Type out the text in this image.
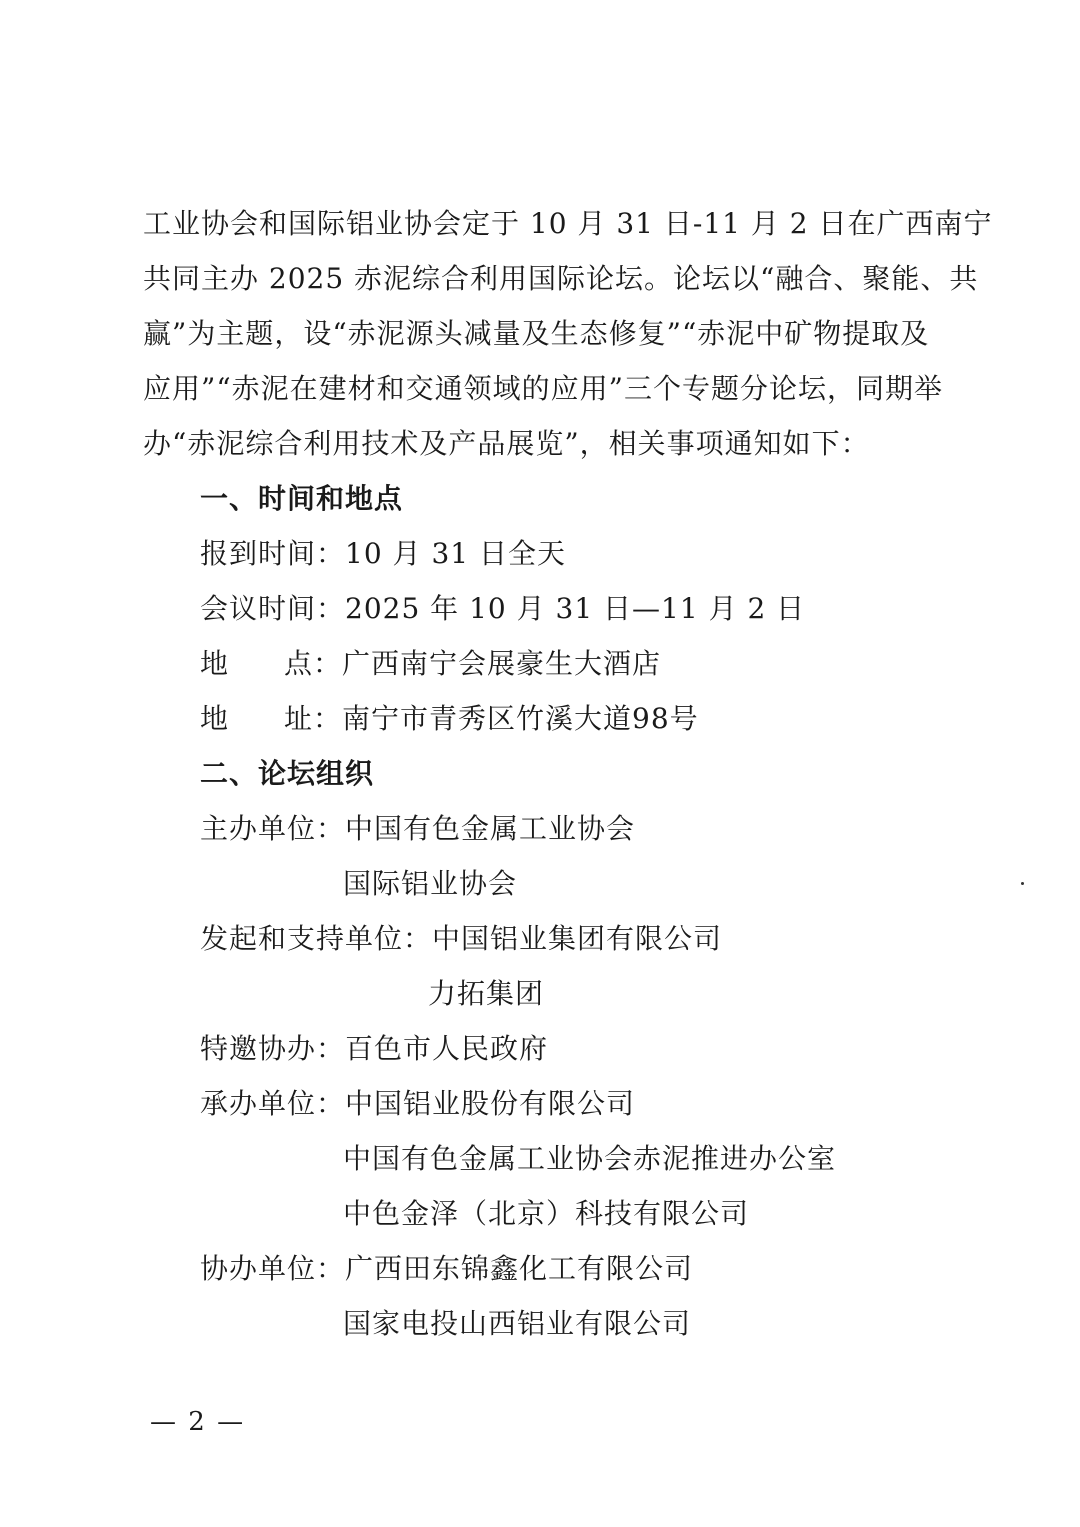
工业协会和国际铝业协会定于 10 月 31 日-11 月 2 日在广西南宁
共同主办 2025 赤泥综合利用国际论坛。论坛以“融合、聚能、共
赢”为主题，设“赤泥源头减量及生态修复”“赤泥中矿物提取及
应用”“赤泥在建材和交通领域的应用”三个专题分论坛，同期举
办“赤泥综合利用技术及产品展览”，相关事项通知如下：
一、时间和地点
报到时间：10 月 31 日全天
会议时间：2025 年 10 月 31 日—11 月 2 日
地 点：广西南宁会展豪生大酒店
地 址：南宁市青秀区竹溪大道98号
二、论坛组织
主办单位：中国有色金属工业协会
国际铝业协会
发起和支持单位：中国铝业集团有限公司
力拓集团
特邀协办：百色市人民政府
承办单位：中国铝业股份有限公司
中国有色金属工业协会赤泥推进办公室
中色金泽（北京）科技有限公司
协办单位：广西田东锦鑫化工有限公司
国家电投山西铝业有限公司
— 2 —
